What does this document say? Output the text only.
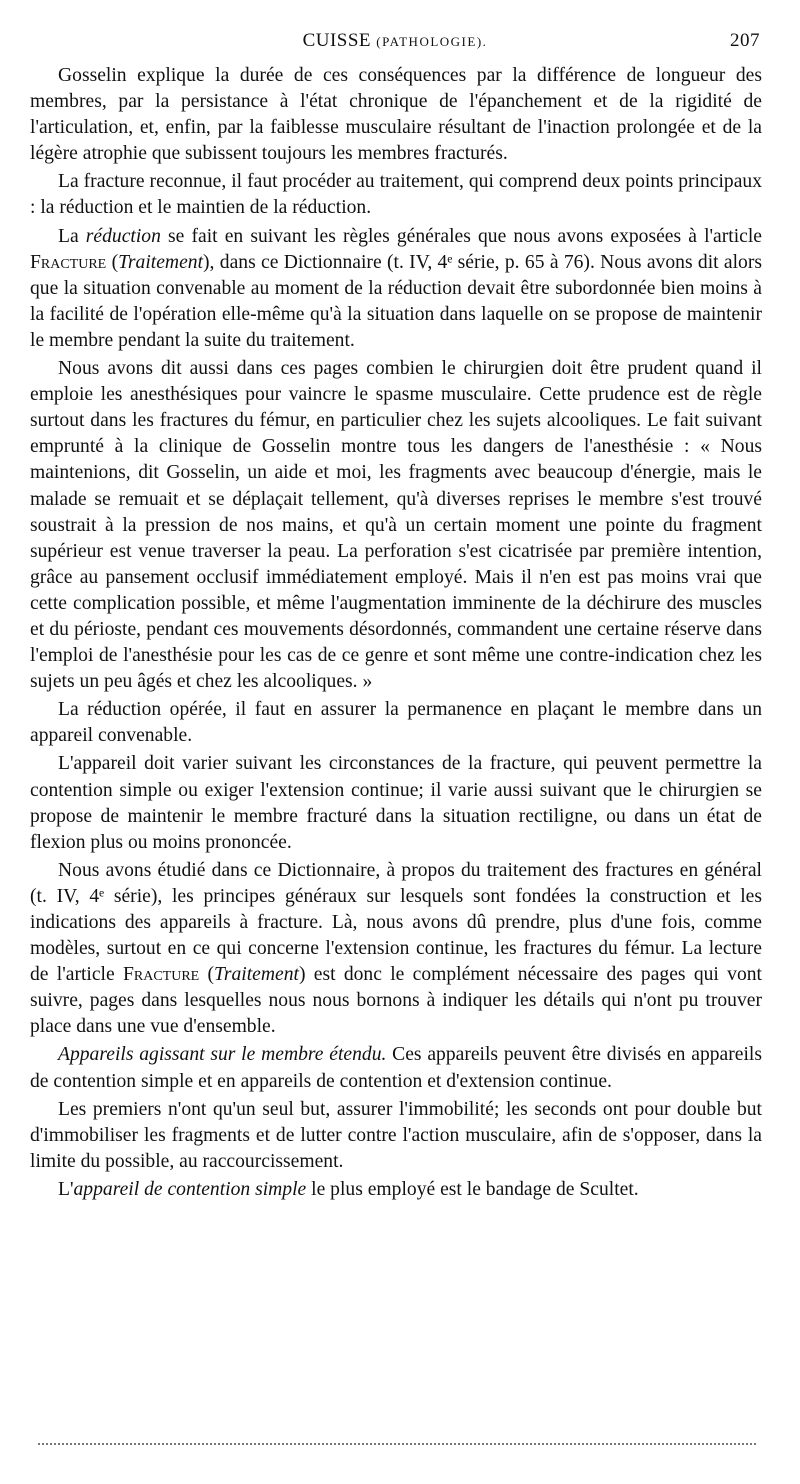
CUISSE (PATHOLOGIE).	207

Gosselin explique la durée de ces conséquences par la différence de longueur des membres, par la persistance à l'état chronique de l'épanchement et de la rigidité de l'articulation, et, enfin, par la faiblesse musculaire résultant de l'inaction prolongée et de la légère atrophie que subissent toujours les membres fracturés.

La fracture reconnue, il faut procéder au traitement, qui comprend deux points principaux : la réduction et le maintien de la réduction.

La réduction se fait en suivant les règles générales que nous avons exposées à l'article Fracture (Traitement), dans ce Dictionnaire (t. IV, 4ᵉ série, p. 65 à 76). Nous avons dit alors que la situation convenable au moment de la réduction devait être subordonnée bien moins à la facilité de l'opération elle-même qu'à la situation dans laquelle on se propose de maintenir le membre pendant la suite du traitement.

Nous avons dit aussi dans ces pages combien le chirurgien doit être prudent quand il emploie les anesthésiques pour vaincre le spasme musculaire. Cette prudence est de règle surtout dans les fractures du fémur, en particulier chez les sujets alcooliques. Le fait suivant emprunté à la clinique de Gosselin montre tous les dangers de l'anesthésie : « Nous maintenions, dit Gosselin, un aide et moi, les fragments avec beaucoup d'énergie, mais le malade se remuait et se déplaçait tellement, qu'à diverses reprises le membre s'est trouvé soustrait à la pression de nos mains, et qu'à un certain moment une pointe du fragment supérieur est venue traverser la peau. La perforation s'est cicatrisée par première intention, grâce au pansement occlusif immédiatement employé. Mais il n'en est pas moins vrai que cette complication possible, et même l'augmentation imminente de la déchirure des muscles et du périoste, pendant ces mouvements désordonnés, commandent une certaine réserve dans l'emploi de l'anesthésie pour les cas de ce genre et sont même une contre-indication chez les sujets un peu âgés et chez les alcooliques. »

La réduction opérée, il faut en assurer la permanence en plaçant le membre dans un appareil convenable.

L'appareil doit varier suivant les circonstances de la fracture, qui peuvent permettre la contention simple ou exiger l'extension continue; il varie aussi suivant que le chirurgien se propose de maintenir le membre fracturé dans la situation rectiligne, ou dans un état de flexion plus ou moins prononcée.

Nous avons étudié dans ce Dictionnaire, à propos du traitement des fractures en général (t. IV, 4ᵉ série), les principes généraux sur lesquels sont fondées la construction et les indications des appareils à fracture. Là, nous avons dû prendre, plus d'une fois, comme modèles, surtout en ce qui concerne l'extension continue, les fractures du fémur. La lecture de l'article Fracture (Traitement) est donc le complément nécessaire des pages qui vont suivre, pages dans lesquelles nous nous bornons à indiquer les détails qui n'ont pu trouver place dans une vue d'ensemble.

Appareils agissant sur le membre étendu. Ces appareils peuvent être divisés en appareils de contention simple et en appareils de contention et d'extension continue.

Les premiers n'ont qu'un seul but, assurer l'immobilité; les seconds ont pour double but d'immobiliser les fragments et de lutter contre l'action musculaire, afin de s'opposer, dans la limite du possible, au raccourcissement.

L'appareil de contention simple le plus employé est le bandage de Scultet.
